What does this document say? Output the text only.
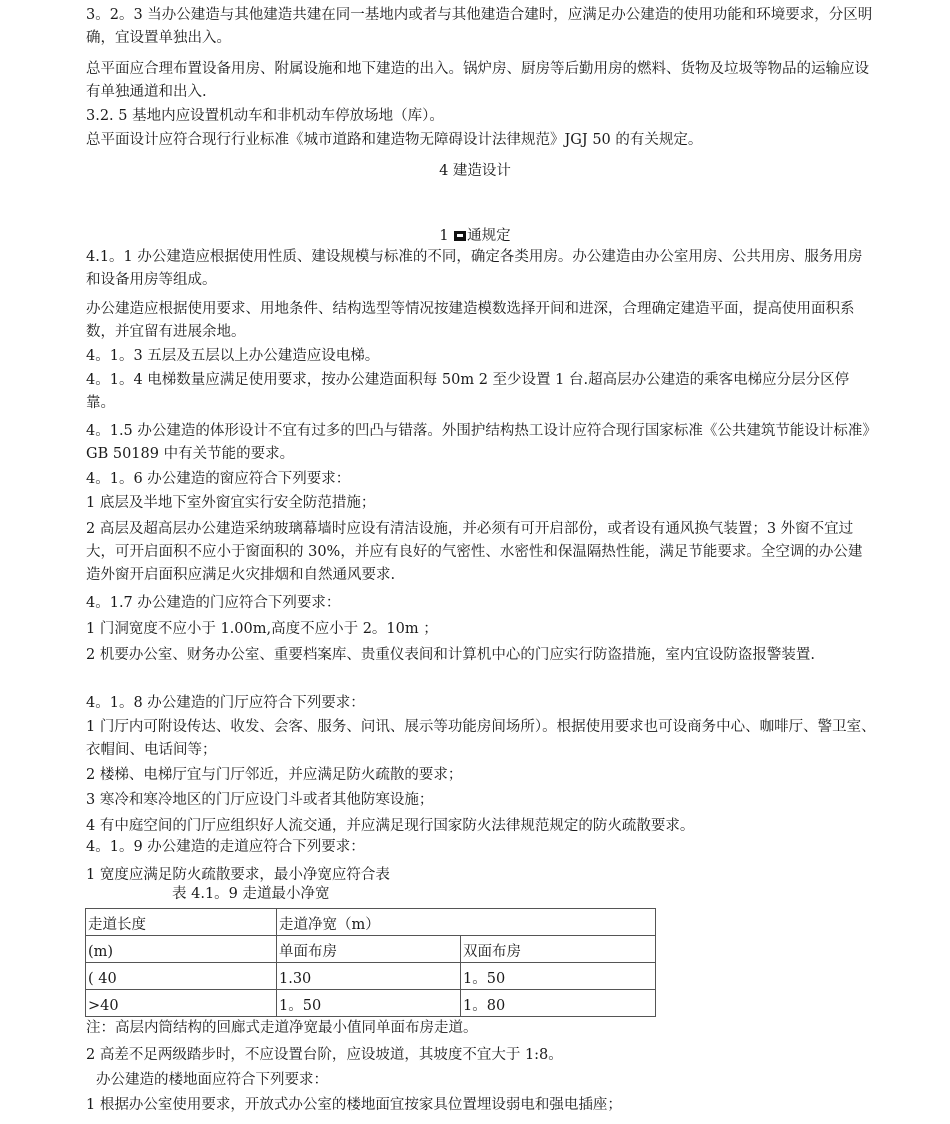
3。2。3 当办公建造与其他建造共建在同一基地内或者与其他建造合建时，应满足办公建造的使用功能和环境要求，分区明确，宜设置单独出入。

总平面应合理布置设备用房、附属设施和地下建造的出入。锅炉房、厨房等后勤用房的燃料、货物及垃圾等物品的运输应设有单独通道和出入.

3.2. 5 基地内应设置机动车和非机动车停放场地（库）。

总平面设计应符合现行行业标准《城市道路和建造物无障碍设计法律规范》JGJ 50 的有关规定。

4 建造设计

1 通规定

4.1。1 办公建造应根据使用性质、建设规模与标准的不同，确定各类用房。办公建造由办公室用房、公共用房、服务用房和设备用房等组成。

办公建造应根据使用要求、用地条件、结构选型等情况按建造模数选择开间和进深，合理确定建造平面，提高使用面积系数，并宜留有进展余地。

4。1。3 五层及五层以上办公建造应设电梯。

4。1。4 电梯数量应满足使用要求，按办公建造面积每 50m 2 至少设置 1 台.超高层办公建造的乘客电梯应分层分区停靠。

4。1.5 办公建造的体形设计不宜有过多的凹凸与错落。外围护结构热工设计应符合现行国家标准《公共建筑节能设计标准》GB 50189 中有关节能的要求。

4。1。6 办公建造的窗应符合下列要求：

1 底层及半地下室外窗宜实行安全防范措施；

2 高层及超高层办公建造采纳玻璃幕墙时应设有清洁设施，并必须有可开启部份，或者设有通风换气装置；3 外窗不宜过大，可开启面积不应小于窗面积的 30%，并应有良好的气密性、水密性和保温隔热性能，满足节能要求。全空调的办公建造外窗开启面积应满足火灾排烟和自然通风要求.

4。1.7 办公建造的门应符合下列要求：

1 门洞宽度不应小于 1.00m,高度不应小于 2。10m ；

2 机要办公室、财务办公室、重要档案库、贵重仪表间和计算机中心的门应实行防盗措施，室内宜设防盗报警装置.

4。1。8 办公建造的门厅应符合下列要求：

1 门厅内可附设传达、收发、会客、服务、问讯、展示等功能房间场所）。根据使用要求也可设商务中心、咖啡厅、警卫室、衣帽间、电话间等；

2 楼梯、电梯厅宜与门厅邻近，并应满足防火疏散的要求；

3 寒冷和寒冷地区的门厅应设门斗或者其他防寒设施；

4 有中庭空间的门厅应组织好人流交通，并应满足现行国家防火法律规范规定的防火疏散要求。

4。1。9 办公建造的走道应符合下列要求：

1 宽度应满足防火疏散要求，最小净宽应符合表

表 4.1。9 走道最小净宽

走道长度	走道净宽（m）	
(m)	单面布房	双面布房
( 40	1.30	1。50
>40	1。50	1。80

注：高层内筒结构的回廊式走道净宽最小值同单面布房走道。

2 高差不足两级踏步时，不应设置台阶，应设坡道，其坡度不宜大于 1:8。

办公建造的楼地面应符合下列要求：

1 根据办公室使用要求，开放式办公室的楼地面宜按家具位置埋设弱电和强电插座；
